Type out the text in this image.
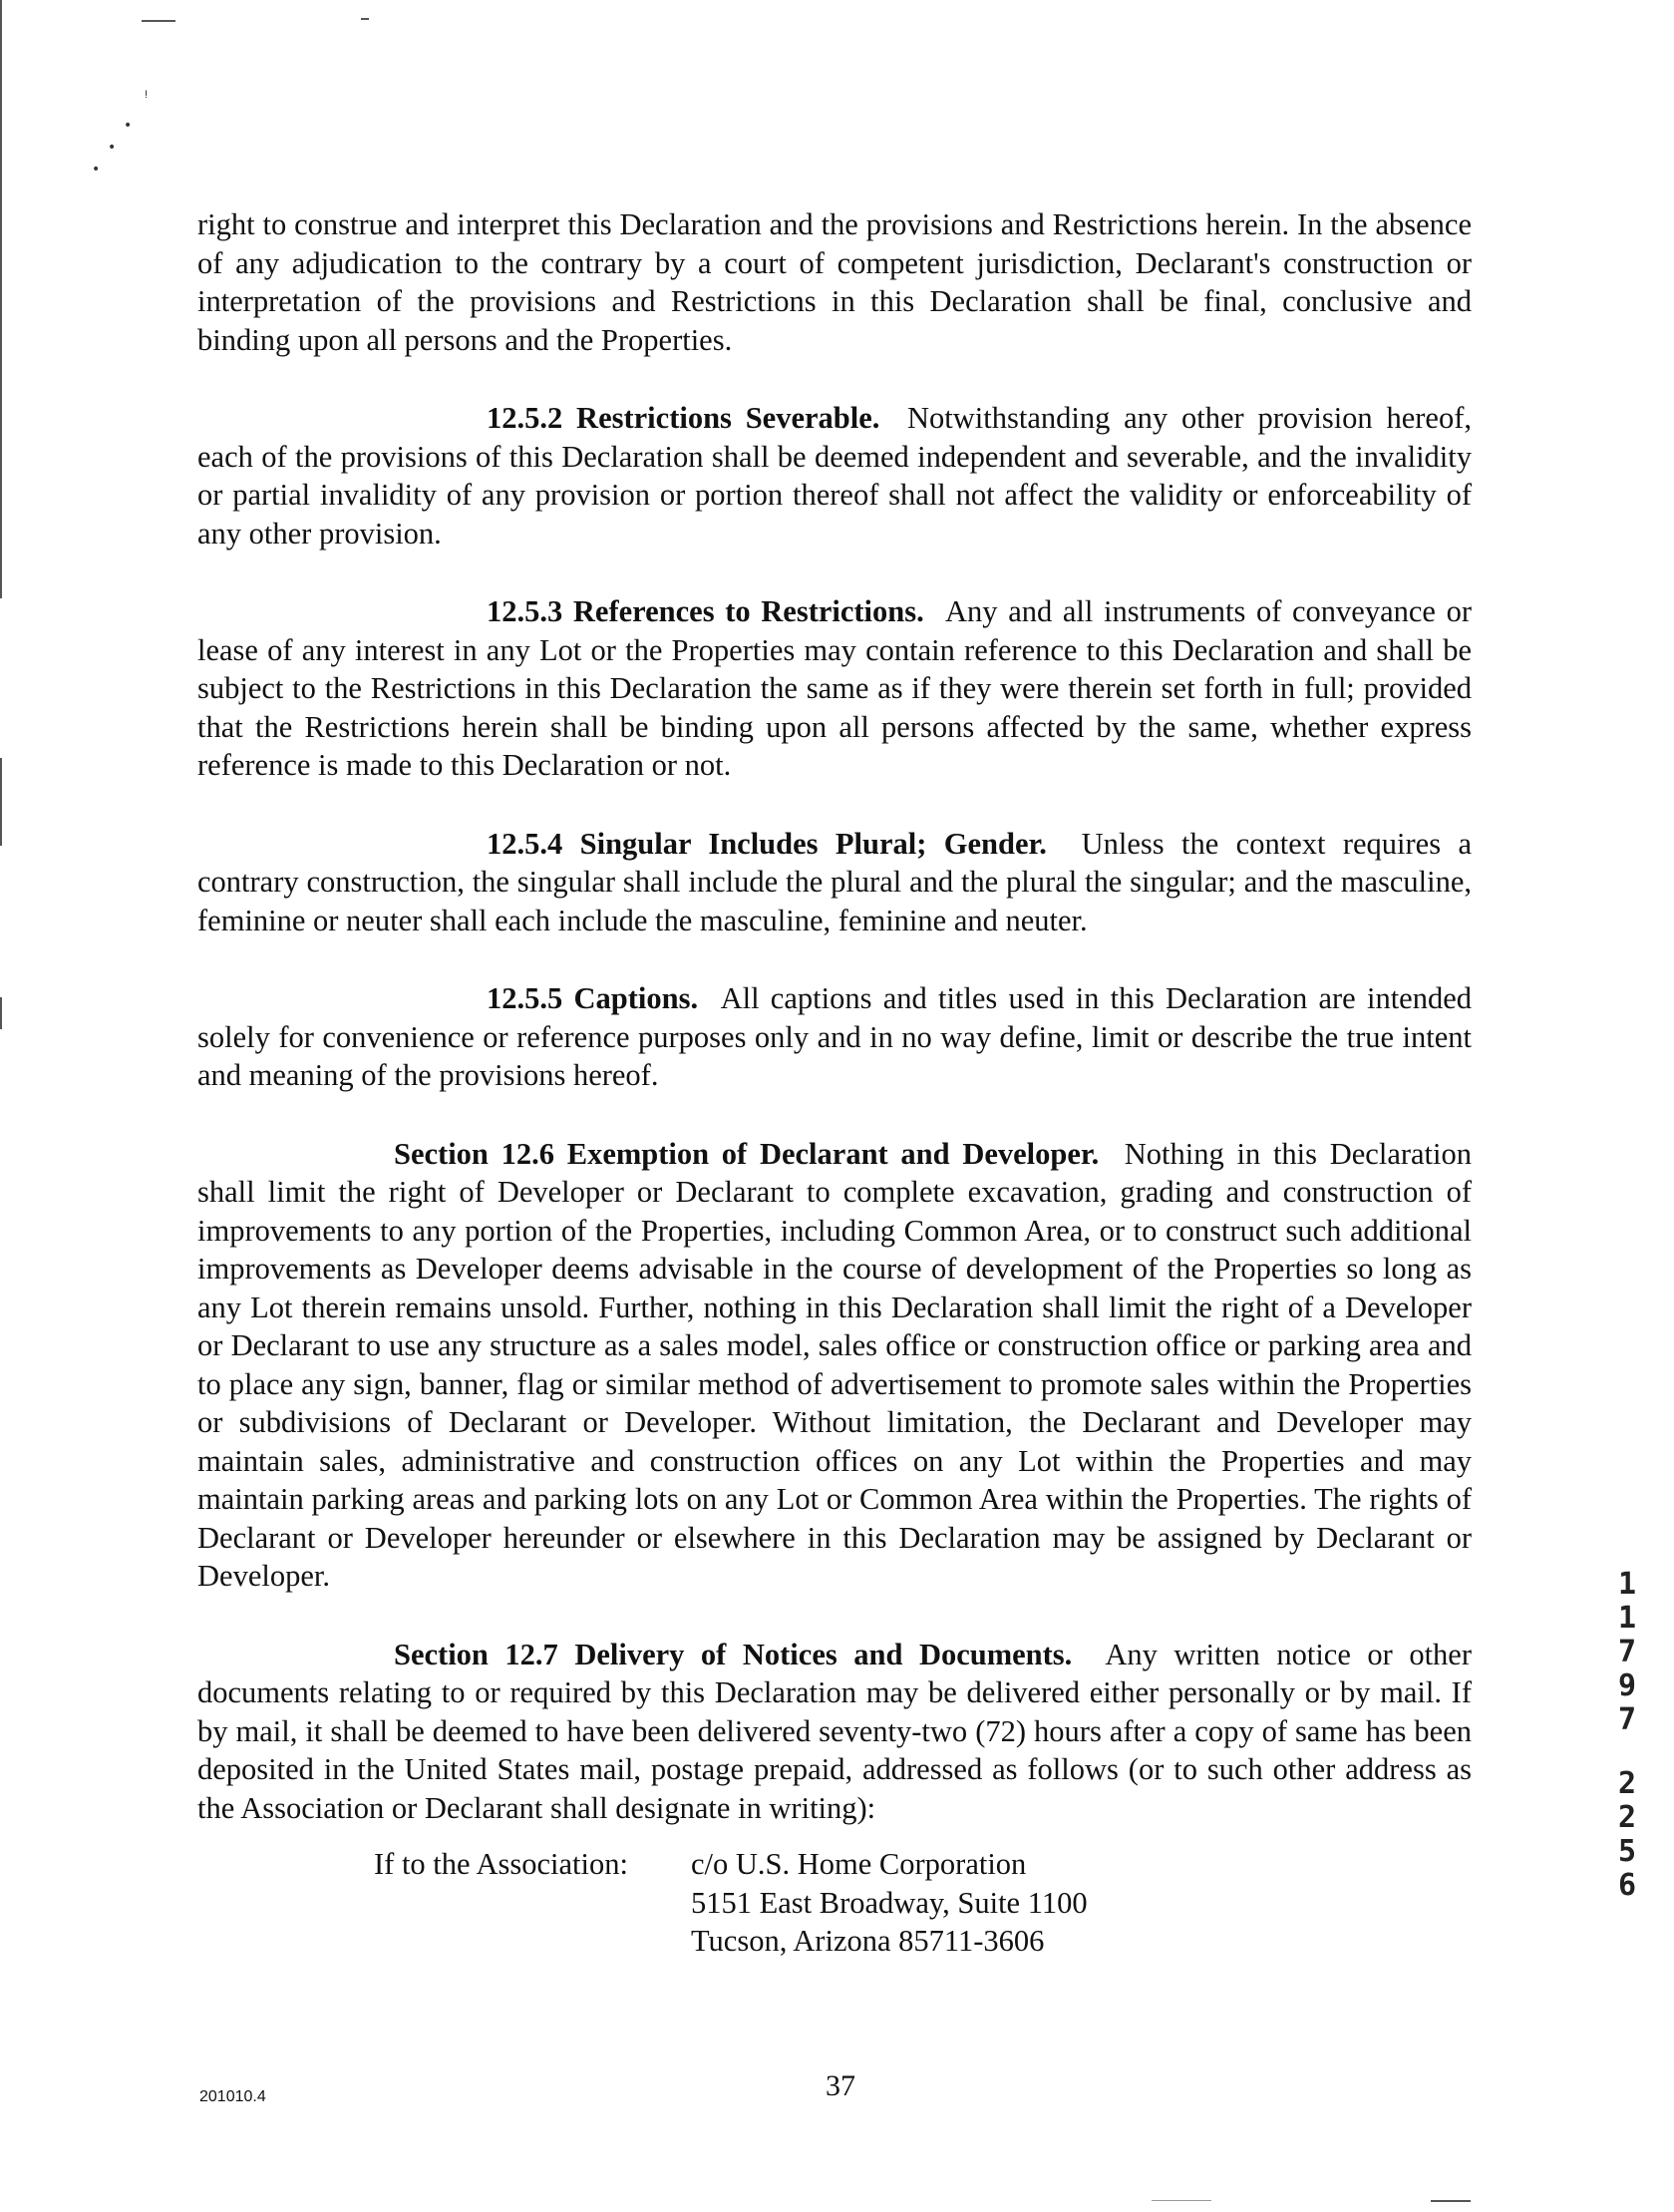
ᵎ
•
•
•

right to construe and interpret this Declaration and the provisions and Restrictions herein. In the absence of any adjudication to the contrary by a court of competent jurisdiction, Declarant's construction or interpretation of the provisions and Restrictions in this Declaration shall be final, conclusive and binding upon all persons and the Properties.

12.5.2 Restrictions Severable. Notwithstanding any other provision hereof, each of the provisions of this Declaration shall be deemed independent and severable, and the invalidity or partial invalidity of any provision or portion thereof shall not affect the validity or enforceability of any other provision.

12.5.3 References to Restrictions. Any and all instruments of conveyance or lease of any interest in any Lot or the Properties may contain reference to this Declaration and shall be subject to the Restrictions in this Declaration the same as if they were therein set forth in full; provided that the Restrictions herein shall be binding upon all persons affected by the same, whether express reference is made to this Declaration or not.

12.5.4 Singular Includes Plural; Gender. Unless the context requires a contrary construction, the singular shall include the plural and the plural the singular; and the masculine, feminine or neuter shall each include the masculine, feminine and neuter.

12.5.5 Captions. All captions and titles used in this Declaration are intended solely for convenience or reference purposes only and in no way define, limit or describe the true intent and meaning of the provisions hereof.

Section 12.6 Exemption of Declarant and Developer. Nothing in this Declaration shall limit the right of Developer or Declarant to complete excavation, grading and construction of improvements to any portion of the Properties, including Common Area, or to construct such additional improvements as Developer deems advisable in the course of development of the Properties so long as any Lot therein remains unsold. Further, nothing in this Declaration shall limit the right of a Developer or Declarant to use any structure as a sales model, sales office or construction office or parking area and to place any sign, banner, flag or similar method of advertisement to promote sales within the Properties or subdivisions of Declarant or Developer. Without limitation, the Declarant and Developer may maintain sales, administrative and construction offices on any Lot within the Properties and may maintain parking areas and parking lots on any Lot or Common Area within the Properties. The rights of Declarant or Developer hereunder or elsewhere in this Declaration may be assigned by Declarant or Developer.

Section 12.7 Delivery of Notices and Documents. Any written notice or other documents relating to or required by this Declaration may be delivered either personally or by mail. If by mail, it shall be deemed to have been delivered seventy-two (72) hours after a copy of same has been deposited in the United States mail, postage prepaid, addressed as follows (or to such other address as the Association or Declarant shall designate in writing):

If to the Association: c/o U.S. Home Corporation
5151 East Broadway, Suite 1100
Tucson, Arizona 85711-3606
201010.4	37
1
1
7
9
7
2
2
5
6
